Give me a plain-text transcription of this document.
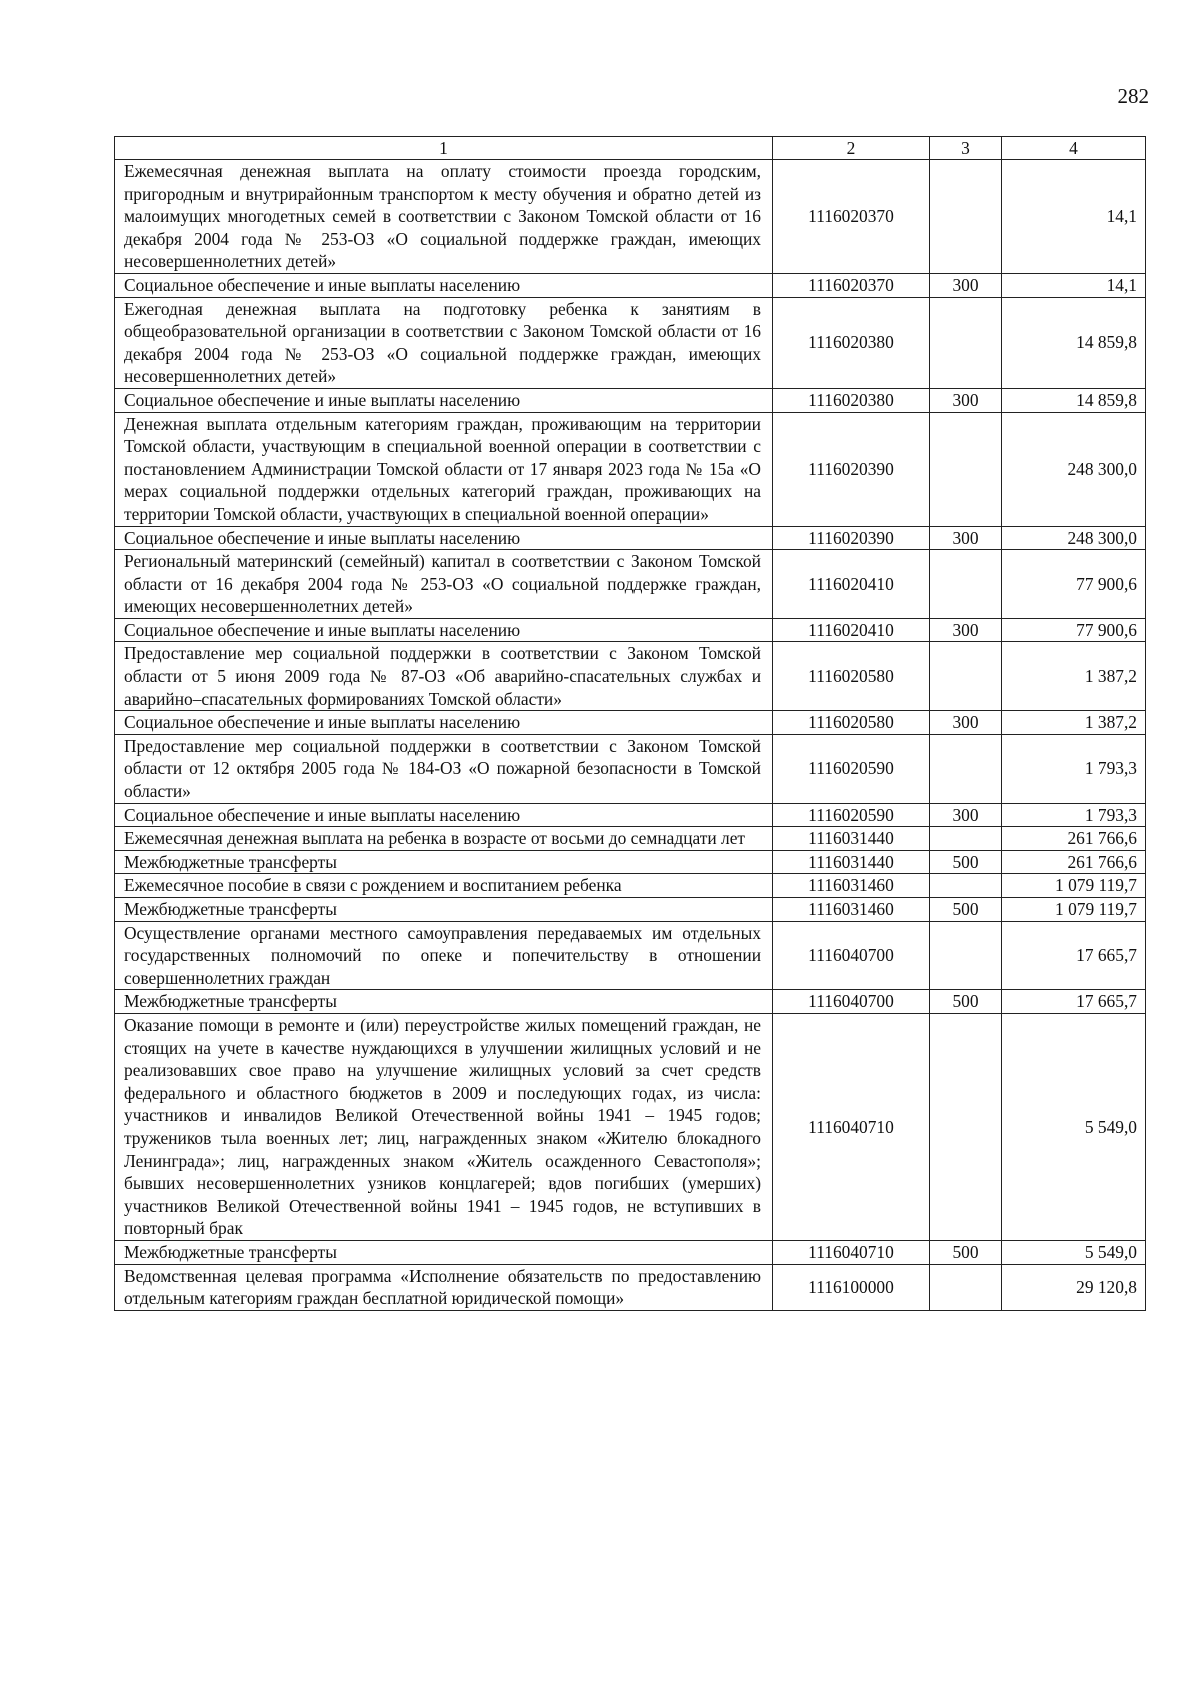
282
1	2	3	4
Ежемесячная денежная выплата на оплату стоимости проезда городским, пригородным и внутрирайонным транспортом к месту обучения и обратно детей из малоимущих многодетных семей в соответствии с Законом Томской области от 16 декабря 2004 года № 253-ОЗ «О социальной поддержке граждан, имеющих несовершеннолетних детей»	1116020370		14,1
Социальное обеспечение и иные выплаты населению	1116020370	300	14,1
Ежегодная денежная выплата на подготовку ребенка к занятиям в общеобразовательной организации в соответствии с Законом Томской области от 16 декабря 2004 года № 253-ОЗ «О социальной поддержке граждан, имеющих несовершеннолетних детей»	1116020380		14 859,8
Социальное обеспечение и иные выплаты населению	1116020380	300	14 859,8
Денежная выплата отдельным категориям граждан, проживающим на территории Томской области, участвующим в специальной военной операции в соответствии с постановлением Администрации Томской области от 17 января 2023 года № 15а «О мерах социальной поддержки отдельных категорий граждан, проживающих на территории Томской области, участвующих в специальной военной операции»	1116020390		248 300,0
Социальное обеспечение и иные выплаты населению	1116020390	300	248 300,0
Региональный материнский (семейный) капитал в соответствии с Законом Томской области от 16 декабря 2004 года № 253-ОЗ «О социальной поддержке граждан, имеющих несовершеннолетних детей»	1116020410		77 900,6
Социальное обеспечение и иные выплаты населению	1116020410	300	77 900,6
Предоставление мер социальной поддержки в соответствии с Законом Томской области от 5 июня 2009 года № 87-ОЗ «Об аварийно-спасательных службах и аварийно–спасательных формированиях Томской области»	1116020580		1 387,2
Социальное обеспечение и иные выплаты населению	1116020580	300	1 387,2
Предоставление мер социальной поддержки в соответствии с Законом Томской области от 12 октября 2005 года № 184-ОЗ «О пожарной безопасности в Томской области»	1116020590		1 793,3
Социальное обеспечение и иные выплаты населению	1116020590	300	1 793,3
Ежемесячная денежная выплата на ребенка в возрасте от восьми до семнадцати лет	1116031440		261 766,6
Межбюджетные трансферты	1116031440	500	261 766,6
Ежемесячное пособие в связи с рождением и воспитанием ребенка	1116031460		1 079 119,7
Межбюджетные трансферты	1116031460	500	1 079 119,7
Осуществление органами местного самоуправления передаваемых им отдельных государственных полномочий по опеке и попечительству в отношении совершеннолетних граждан	1116040700		17 665,7
Межбюджетные трансферты	1116040700	500	17 665,7
Оказание помощи в ремонте и (или) переустройстве жилых помещений граждан, не стоящих на учете в качестве нуждающихся в улучшении жилищных условий и не реализовавших свое право на улучшение жилищных условий за счет средств федерального и областного бюджетов в 2009 и последующих годах, из числа: участников и инвалидов Великой Отечественной войны 1941 – 1945 годов; тружеников тыла военных лет; лиц, награжденных знаком «Жителю блокадного Ленинграда»; лиц, награжденных знаком «Житель осажденного Севастополя»; бывших несовершеннолетних узников концлагерей; вдов погибших (умерших) участников Великой Отечественной войны 1941 – 1945 годов, не вступивших в повторный брак	1116040710		5 549,0
Межбюджетные трансферты	1116040710	500	5 549,0
Ведомственная целевая программа «Исполнение обязательств по предоставлению отдельным категориям граждан бесплатной юридической помощи»	1116100000		29 120,8
